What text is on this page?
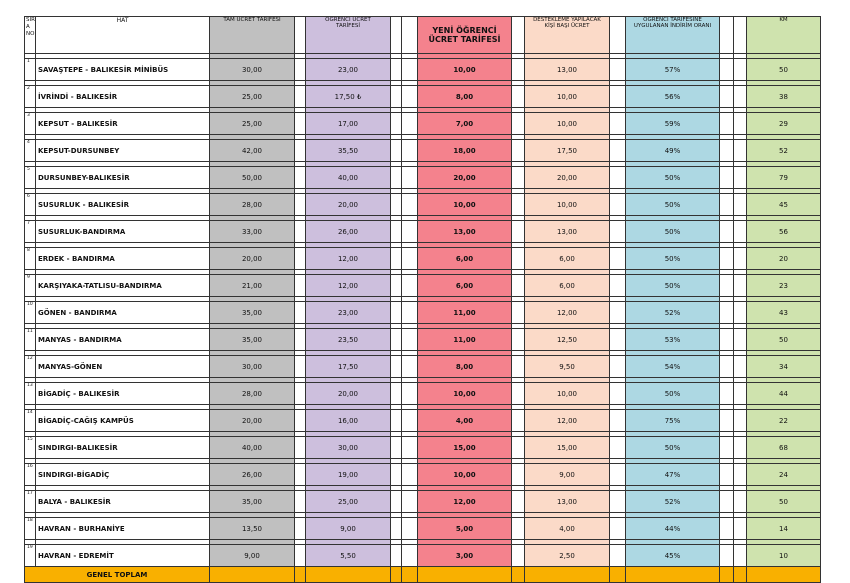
SIR
A
NO	HAT	TAM ÜCRET TARİFESİ		ÖĞRENCİ ÜCRET
TARİFESİ			YENİ ÖĞRENCİ
ÜCRET TARİFESİ		DESTEKLEME YAPILACAK
KİŞİ BAŞI ÜCRET		ÖĞRENCİ TARİFESİNE
UYGULANAN İNDİRİM ORANI			KM

1	SAVAŞTEPE - BALIKESİR MİNİBÜS	30,00		23,00			10,00		13,00		57%			50

2	İVRİNDİ - BALIKESİR	25,00		17,50 ₺			8,00		10,00		56%			38

3	KEPSUT - BALIKESİR	25,00		17,00			7,00		10,00		59%			29

4	KEPSUT-DURSUNBEY	42,00		35,50			18,00		17,50		49%			52

5	DURSUNBEY-BALIKESİR	50,00		40,00			20,00		20,00		50%			79

6	SUSURLUK - BALIKESİR	28,00		20,00			10,00		10,00		50%			45

7	SUSURLUK-BANDIRMA	33,00		26,00			13,00		13,00		50%			56

8	ERDEK - BANDIRMA	20,00		12,00			6,00		6,00		50%			20

9	KARŞIYAKA-TATLISU-BANDIRMA	21,00		12,00			6,00		6,00		50%			23

10	GÖNEN - BANDIRMA	35,00		23,00			11,00		12,00		52%			43

11	MANYAS - BANDIRMA	35,00		23,50			11,00		12,50		53%			50

12	MANYAS-GÖNEN	30,00		17,50			8,00		9,50		54%			34

13	BİGADİÇ - BALIKESİR	28,00		20,00			10,00		10,00		50%			44

14	BİGADİÇ-CAĞIŞ KAMPÜS	20,00		16,00			4,00		12,00		75%			22

15	SINDIRGI-BALIKESİR	40,00		30,00			15,00		15,00		50%			68

16	SINDIRGI-BİGADİÇ	26,00		19,00			10,00		9,00		47%			24

17	BALYA - BALIKESİR	35,00		25,00			12,00		13,00		52%			50

18	HAVRAN - BURHANİYE	13,50		9,00			5,00		4,00		44%			14

19	HAVRAN - EDREMİT	9,00		5,50			3,00		2,50		45%			10
GENEL TOPLAM														
